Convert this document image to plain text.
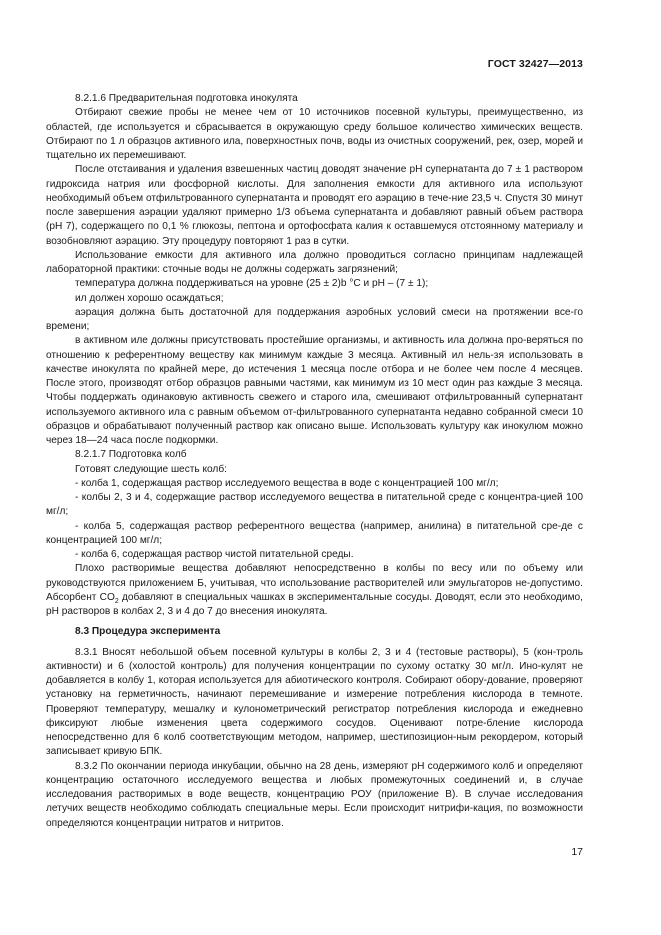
ГОСТ 32427—2013

8.2.1.6 Предварительная подготовка инокулята

Отбирают свежие пробы не менее чем от 10 источников посевной культуры, преимущественно, из областей, где используется и сбрасывается в окружающую среду большое количество химических веществ. Отбирают по 1 л образцов активного ила, поверхностных почв, воды из очистных сооружений, рек, озер, морей и тщательно их перемешивают.

После отстаивания и удаления взвешенных частиц доводят значение pH супернатанта до 7 ± 1 раствором гидроксида натрия или фосфорной кислоты. Для заполнения емкости для активного ила используют необходимый объем отфильтрованного супернатанта и проводят его аэрацию в тече-ние 23,5 ч. Спустя 30 минут после завершения аэрации удаляют примерно 1/3 объема супернатанта и добавляют равный объем раствора (pH 7), содержащего по 0,1 % глюкозы, пептона и ортофосфата калия к оставшемуся отстоянному материалу и возобновляют аэрацию. Эту процедуру повторяют 1 раз в сутки.

Использование емкости для активного ила должно проводиться согласно принципам надлежащей лабораторной практики: сточные воды не должны содержать загрязнений;

температура должна поддерживаться на уровне (25 ± 2)b °C и pH – (7 ± 1);

ил должен хорошо осаждаться;

аэрация должна быть достаточной для поддержания аэробных условий смеси на протяжении все-го времени;

в активном иле должны присутствовать простейшие организмы, и активность ила должна про-веряться по отношению к референтному веществу как минимум каждые 3 месяца. Активный ил нель-зя использовать в качестве инокулята по крайней мере, до истечения 1 месяца после отбора и не более чем после 4 месяцев. После этого, производят отбор образцов равными частями, как минимум из 10 мест один раз каждые 3 месяца. Чтобы поддержать одинаковую активность свежего и старого ила, смешивают отфильтрованный супернатант используемого активного ила с равным объемом от-фильтрованного супернатанта недавно собранной смеси 10 образцов и обрабатывают полученный раствор как описано выше. Использовать культуру как инокулюм можно через 18—24 часа после подкормки.

8.2.1.7 Подготовка колб

Готовят следующие шесть колб:

- колба 1, содержащая раствор исследуемого вещества в воде с концентрацией 100 мг/л;

- колбы 2, 3 и 4, содержащие раствор исследуемого вещества в питательной среде с концентра-цией 100 мг/л;

- колба 5, содержащая раствор референтного вещества (например, анилина) в питательной сре-де с концентрацией 100 мг/л;

- колба 6, содержащая раствор чистой питательной среды.

Плохо растворимые вещества добавляют непосредственно в колбы по весу или по объему или руководствуются приложением Б, учитывая, что использование растворителей или эмульгаторов не-допустимо. Абсорбент $CO_2$ добавляют в специальных чашках в экспериментальные сосуды. Доводят, если это необходимо, pH растворов в колбах 2, 3 и 4 до 7 до внесения инокулята.

8.3 Процедура эксперимента

8.3.1 Вносят небольшой объем посевной культуры в колбы 2, 3 и 4 (тестовые растворы), 5 (кон-троль активности) и 6 (холостой контроль) для получения концентрации по сухому остатку 30 мг/л. Ино-кулят не добавляется в колбу 1, которая используется для абиотического контроля. Собирают обору-дование, проверяют установку на герметичность, начинают перемешивание и измерение потребления кислорода в темноте. Проверяют температуру, мешалку и кулонометрический регистратор потребления кислорода и ежедневно фиксируют любые изменения цвета содержимого сосудов. Оценивают потре-бление кислорода непосредственно для 6 колб соответствующим методом, например, шестипозицион-ным рекордером, который записывает кривую БПК.

8.3.2 По окончании периода инкубации, обычно на 28 день, измеряют pH содержимого колб и определяют концентрацию остаточного исследуемого вещества и любых промежуточных соединений и, в случае исследования растворимых в воде веществ, концентрацию РОУ (приложение В). В случае исследования летучих веществ необходимо соблюдать специальные меры. Если происходит нитрифи-кация, по возможности определяются концентрации нитратов и нитритов.

17
